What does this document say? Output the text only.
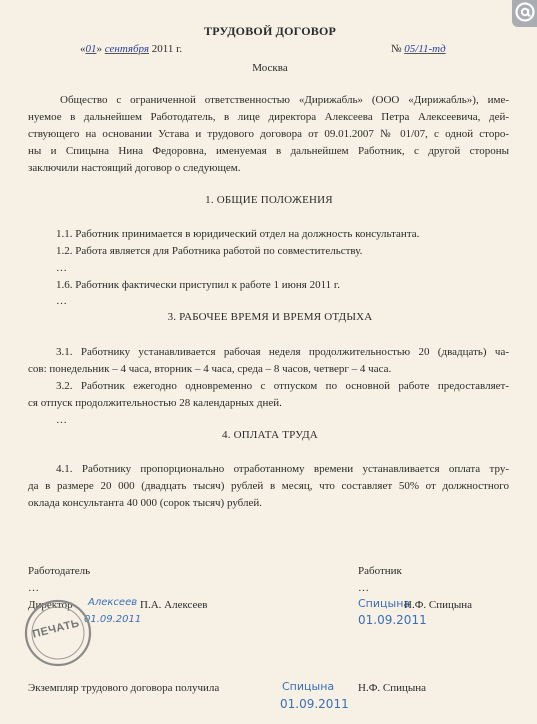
ТРУДОВОЙ ДОГОВОР
«01» сентября 2011 г.	№ 05/11-тд
Москва
Общество с ограниченной ответственностью «Дирижабль» (ООО «Дирижабль»), име-
нуемое в дальнейшем Работодатель, в лице директора Алексеева Петра Алексеевича, дей-
ствующего на основании Устава и трудового договора от 09.01.2007 № 01/07, с одной сторо-
ны и Спицына Нина Федоровна, именуемая в дальнейшем Работник, с другой стороны
заключили настоящий договор о следующем.
1. ОБЩИЕ ПОЛОЖЕНИЯ
1.1. Работник принимается в юридический отдел на должность консультанта.
1.2. Работа является для Работника работой по совместительству.
…
1.6. Работник фактически приступил к работе 1 июня 2011 г.
…
3. РАБОЧЕЕ ВРЕМЯ И ВРЕМЯ ОТДЫХА
3.1. Работнику устанавливается рабочая неделя продолжительностью 20 (двадцать) ча-
сов: понедельник – 4 часа, вторник – 4 часа, среда – 8 часов, четверг – 4 часа.
3.2. Работник ежегодно одновременно с отпуском по основной работе предоставляет-
ся отпуск продолжительностью 28 календарных дней.
…
4. ОПЛАТА ТРУДА
4.1. Работнику пропорционально отработанному времени устанавливается оплата тру-
да в размере 20 000 (двадцать тысяч) рублей в месяц, что составляет 50% от должностного
оклада консультанта 40 000 (сорок тысяч) рублей.
Работодатель
…
Директор Алексеев П.А. Алексеев
01.09.2011
ПЕЧАТЬ
Работник
…
Спицына
Н.Ф. Спицына
01.09.2011
Экземпляр трудового договора получила	Спицына Н.Ф. Спицына
01.09.2011
